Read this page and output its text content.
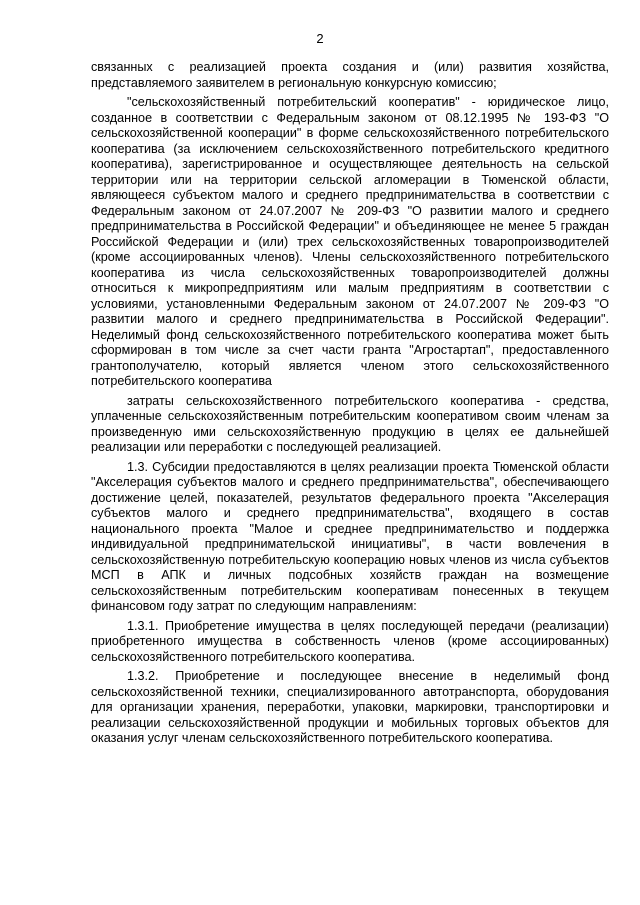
2

связанных с реализацией проекта создания и (или) развития хозяйства, представляемого заявителем в региональную конкурсную комиссию;

"сельскохозяйственный потребительский кооператив" - юридическое лицо, созданное в соответствии с Федеральным законом от 08.12.1995 № 193-ФЗ "О сельскохозяйственной кооперации" в форме сельскохозяйственного потребительского кооператива (за исключением сельскохозяйственного потребительского кредитного кооператива), зарегистрированное и осуществляющее деятельность на сельской территории или на территории сельской агломерации в Тюменской области, являющееся субъектом малого и среднего предпринимательства в соответствии с Федеральным законом от 24.07.2007 № 209-ФЗ "О развитии малого и среднего предпринимательства в Российской Федерации" и объединяющее не менее 5 граждан Российской Федерации и (или) трех сельскохозяйственных товаропроизводителей (кроме ассоциированных членов). Члены сельскохозяйственного потребительского кооператива из числа сельскохозяйственных товаропроизводителей должны относиться к микропредприятиям или малым предприятиям в соответствии с условиями, установленными Федеральным законом от 24.07.2007 № 209-ФЗ "О развитии малого и среднего предпринимательства в Российской Федерации". Неделимый фонд сельскохозяйственного потребительского кооператива может быть сформирован в том числе за счет части гранта "Агростартап", предоставленного грантополучателю, который является членом этого сельскохозяйственного потребительского кооператива

затраты сельскохозяйственного потребительского кооператива - средства, уплаченные сельскохозяйственным потребительским кооперативом своим членам за произведенную ими сельскохозяйственную продукцию в целях ее дальнейшей реализации или переработки с последующей реализацией.

1.3. Субсидии предоставляются в целях реализации проекта Тюменской области "Акселерация субъектов малого и среднего предпринимательства", обеспечивающего достижение целей, показателей, результатов федерального проекта "Акселерация субъектов малого и среднего предпринимательства", входящего в состав национального проекта "Малое и среднее предпринимательство и поддержка индивидуальной предпринимательской инициативы", в части вовлечения в сельскохозяйственную потребительскую кооперацию новых членов из числа субъектов МСП в АПК и личных подсобных хозяйств граждан на возмещение сельскохозяйственным потребительским кооперативам понесенных в текущем финансовом году затрат по следующим направлениям:

1.3.1. Приобретение имущества в целях последующей передачи (реализации) приобретенного имущества в собственность членов (кроме ассоциированных) сельскохозяйственного потребительского кооператива.

1.3.2. Приобретение и последующее внесение в неделимый фонд сельскохозяйственной техники, специализированного автотранспорта, оборудования для организации хранения, переработки, упаковки, маркировки, транспортировки и реализации сельскохозяйственной продукции и мобильных торговых объектов для оказания услуг членам сельскохозяйственного потребительского кооператива.
